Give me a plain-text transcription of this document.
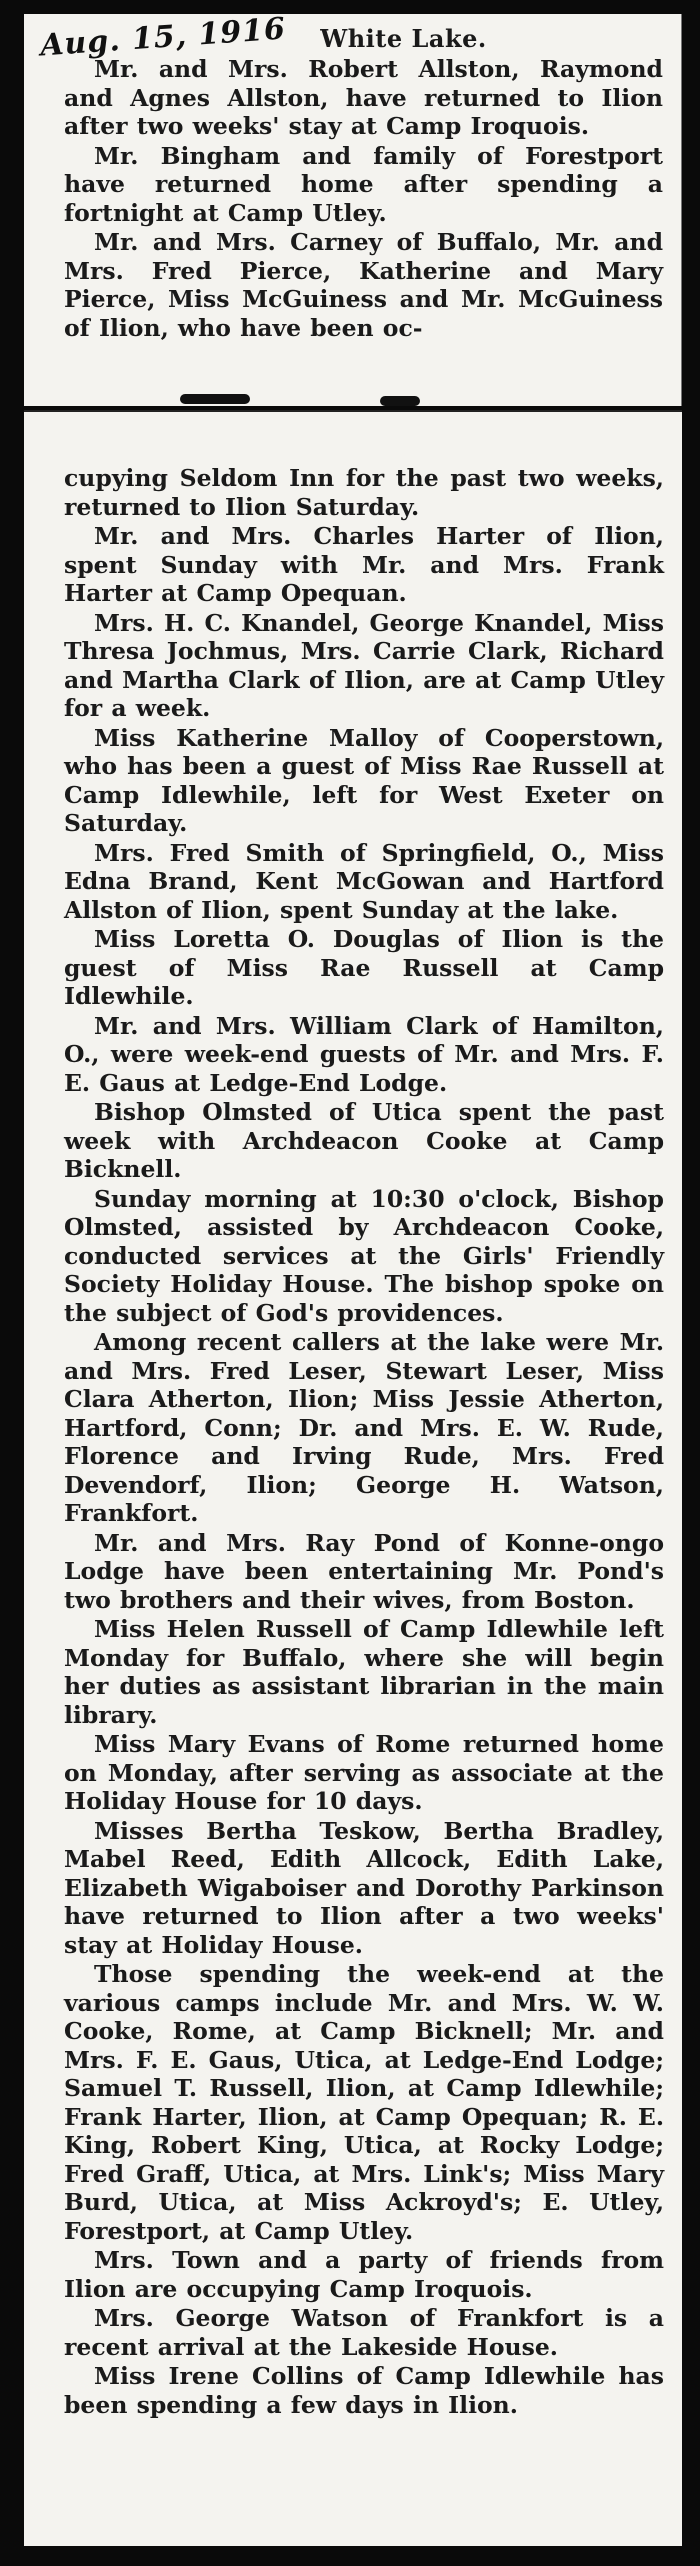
White Lake.

Mr. and Mrs. Robert Allston, Raymond and Agnes Allston, have returned to Ilion after two weeks' stay at Camp Iroquois.

Mr. Bingham and family of Forestport have returned home after spending a fortnight at Camp Utley.

Mr. and Mrs. Carney of Buffalo, Mr. and Mrs. Fred Pierce, Katherine and Mary Pierce, Miss McGuiness and Mr. McGuiness of Ilion, who have been oc-

Aug. 15, 1916

cupying Seldom Inn for the past two weeks, returned to Ilion Saturday.

Mr. and Mrs. Charles Harter of Ilion, spent Sunday with Mr. and Mrs. Frank Harter at Camp Opequan.

Mrs. H. C. Knandel, George Knandel, Miss Thresa Jochmus, Mrs. Carrie Clark, Richard and Martha Clark of Ilion, are at Camp Utley for a week.

Miss Katherine Malloy of Cooperstown, who has been a guest of Miss Rae Russell at Camp Idlewhile, left for West Exeter on Saturday.

Mrs. Fred Smith of Springfield, O., Miss Edna Brand, Kent McGowan and Hartford Allston of Ilion, spent Sunday at the lake.

Miss Loretta O. Douglas of Ilion is the guest of Miss Rae Russell at Camp Idlewhile.

Mr. and Mrs. William Clark of Hamilton, O., were week-end guests of Mr. and Mrs. F. E. Gaus at Ledge-End Lodge.

Bishop Olmsted of Utica spent the past week with Archdeacon Cooke at Camp Bicknell.

Sunday morning at 10:30 o'clock, Bishop Olmsted, assisted by Archdeacon Cooke, conducted services at the Girls' Friendly Society Holiday House. The bishop spoke on the subject of God's providences.

Among recent callers at the lake were Mr. and Mrs. Fred Leser, Stewart Leser, Miss Clara Atherton, Ilion; Miss Jessie Atherton, Hartford, Conn; Dr. and Mrs. E. W. Rude, Florence and Irving Rude, Mrs. Fred Devendorf, Ilion; George H. Watson, Frankfort.

Mr. and Mrs. Ray Pond of Konne-ongo Lodge have been entertaining Mr. Pond's two brothers and their wives, from Boston.

Miss Helen Russell of Camp Idlewhile left Monday for Buffalo, where she will begin her duties as assistant librarian in the main library.

Miss Mary Evans of Rome returned home on Monday, after serving as associate at the Holiday House for 10 days.

Misses Bertha Teskow, Bertha Bradley, Mabel Reed, Edith Allcock, Edith Lake, Elizabeth Wigaboiser and Dorothy Parkinson have returned to Ilion after a two weeks' stay at Holiday House.

Those spending the week-end at the various camps include Mr. and Mrs. W. W. Cooke, Rome, at Camp Bicknell; Mr. and Mrs. F. E. Gaus, Utica, at Ledge-End Lodge; Samuel T. Russell, Ilion, at Camp Idlewhile; Frank Harter, Ilion, at Camp Opequan; R. E. King, Robert King, Utica, at Rocky Lodge; Fred Graff, Utica, at Mrs. Link's; Miss Mary Burd, Utica, at Miss Ackroyd's; E. Utley, Forestport, at Camp Utley.

Mrs. Town and a party of friends from Ilion are occupying Camp Iroquois.

Mrs. George Watson of Frankfort is a recent arrival at the Lakeside House.

Miss Irene Collins of Camp Idlewhile has been spending a few days in Ilion.
